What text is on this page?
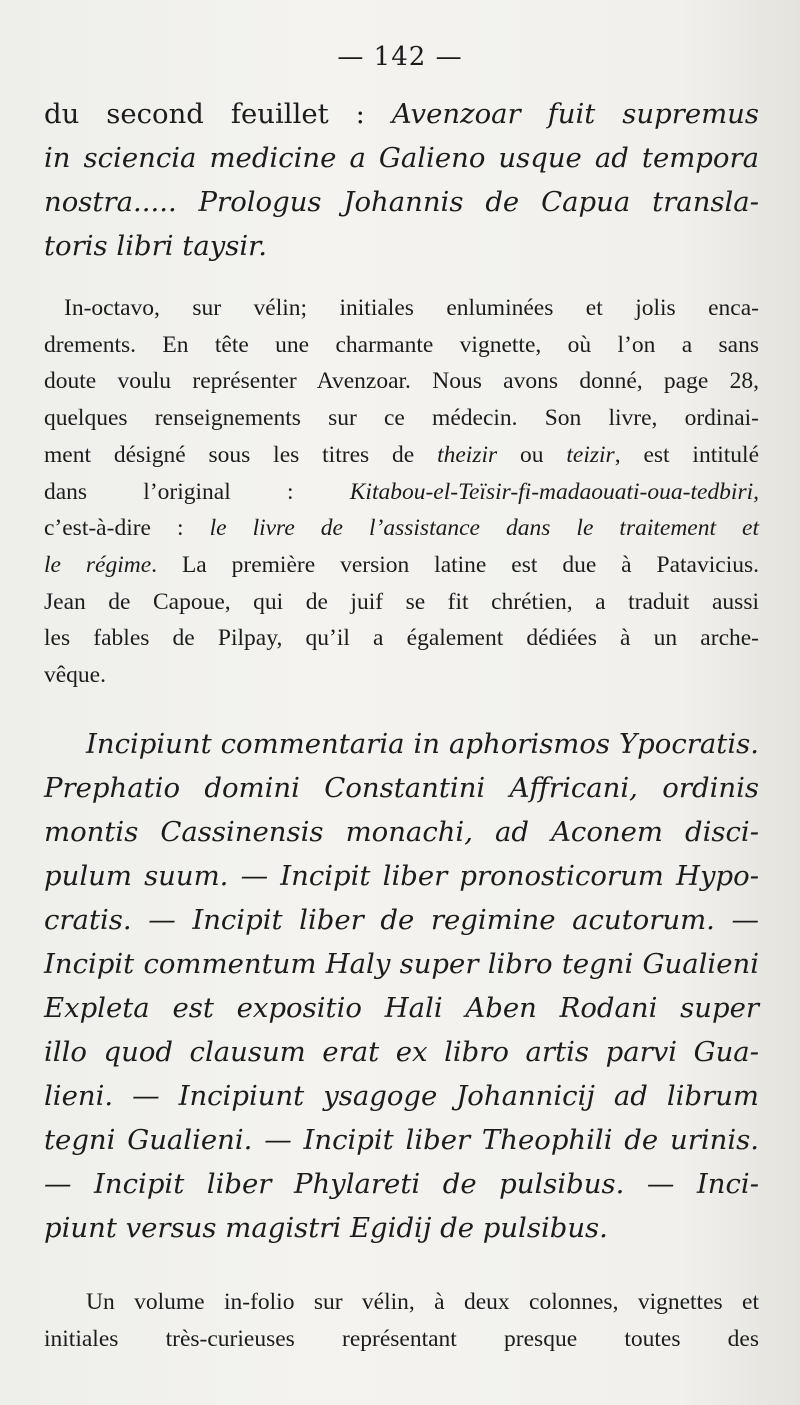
— 142 —
du second feuillet : Avenzoar fuit supremus
in sciencia medicine a Galieno usque ad tempora
nostra..... Prologus Johannis de Capua transla-
toris libri taysir.
In-octavo, sur vélin; initiales enluminées et jolis enca-
drements. En tête une charmante vignette, où l’on a sans
doute voulu représenter Avenzoar. Nous avons donné, page 28,
quelques renseignements sur ce médecin. Son livre, ordinai-
ment désigné sous les titres de theizir ou teizir, est intitulé
dans l’original : Kitabou-el-Teïsir-fi-madaouati-oua-tedbiri,
c’est-à-dire : le livre de l’assistance dans le traitement et
le régime. La première version latine est due à Patavicius.
Jean de Capoue, qui de juif se fit chrétien, a traduit aussi
les fables de Pilpay, qu’il a également dédiées à un arche-
vêque.
Incipiunt commentaria in aphorismos Ypocratis.
Prephatio domini Constantini Affricani, ordinis
montis Cassinensis monachi, ad Aconem disci-
pulum suum. — Incipit liber pronosticorum Hypo-
cratis. — Incipit liber de regimine acutorum. —
Incipit commentum Haly super libro tegni Gualieni
Expleta est expositio Hali Aben Rodani super
illo quod clausum erat ex libro artis parvi Gua-
lieni. — Incipiunt ysagoge Johannicij ad librum
tegni Gualieni. — Incipit liber Theophili de urinis.
— Incipit liber Phylareti de pulsibus. — Inci-
piunt versus magistri Egidij de pulsibus.
Un volume in-folio sur vélin, à deux colonnes, vignettes et
initiales très-curieuses représentant presque toutes des
